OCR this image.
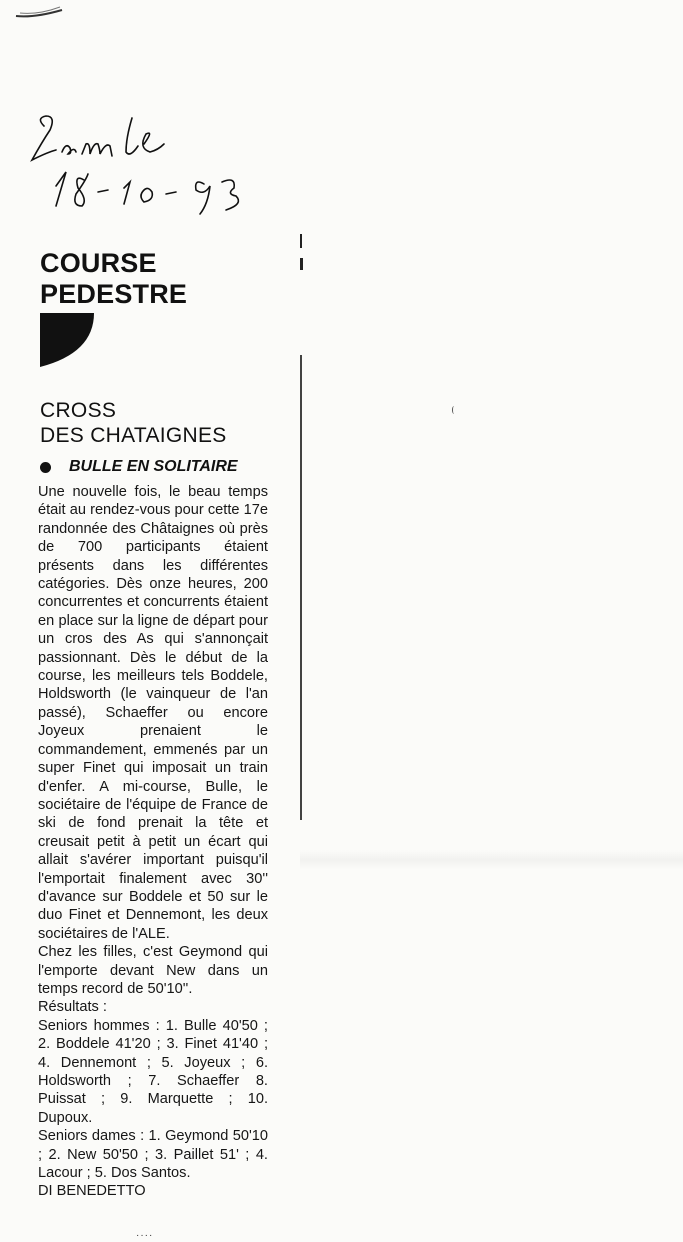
COURSE PEDESTRE
CROSS
DES CHATAIGNES
BULLE EN SOLITAIRE

Une nouvelle fois, le beau temps était au rendez-vous pour cette 17e randonnée des Châtaignes où près de 700 participants étaient présents dans les différentes catégories. Dès onze heures, 200 concurrentes et concurrents étaient en place sur la ligne de départ pour un cros des As qui s'annonçait passionnant. Dès le début de la course, les meilleurs tels Boddele, Holdsworth (le vainqueur de l'an passé), Schaeffer ou encore Joyeux prenaient le commandement, emmenés par un super Finet qui imposait un train d'enfer. A mi-course, Bulle, le sociétaire de l'équipe de France de ski de fond prenait la tête et creusait petit à petit un écart qui allait s'avérer important puisqu'il l'emportait finalement avec 30'' d'avance sur Boddele et 50 sur le duo Finet et Dennemont, les deux sociétaires de l'ALE.

Chez les filles, c'est Geymond qui l'emporte devant New dans un temps record de 50'10''.

Résultats :

Seniors hommes : 1. Bulle 40'50 ; 2. Boddele 41'20 ; 3. Finet 41'40 ; 4. Dennemont ; 5. Joyeux ; 6. Holdsworth ; 7. Schaeffer 8. Puissat ; 9. Marquette ; 10. Dupoux.

Seniors dames : 1. Geymond 50'10 ; 2. New 50'50 ; 3. Paillet 51' ; 4. Lacour ; 5. Dos Santos.

DI BENEDETTO

····
